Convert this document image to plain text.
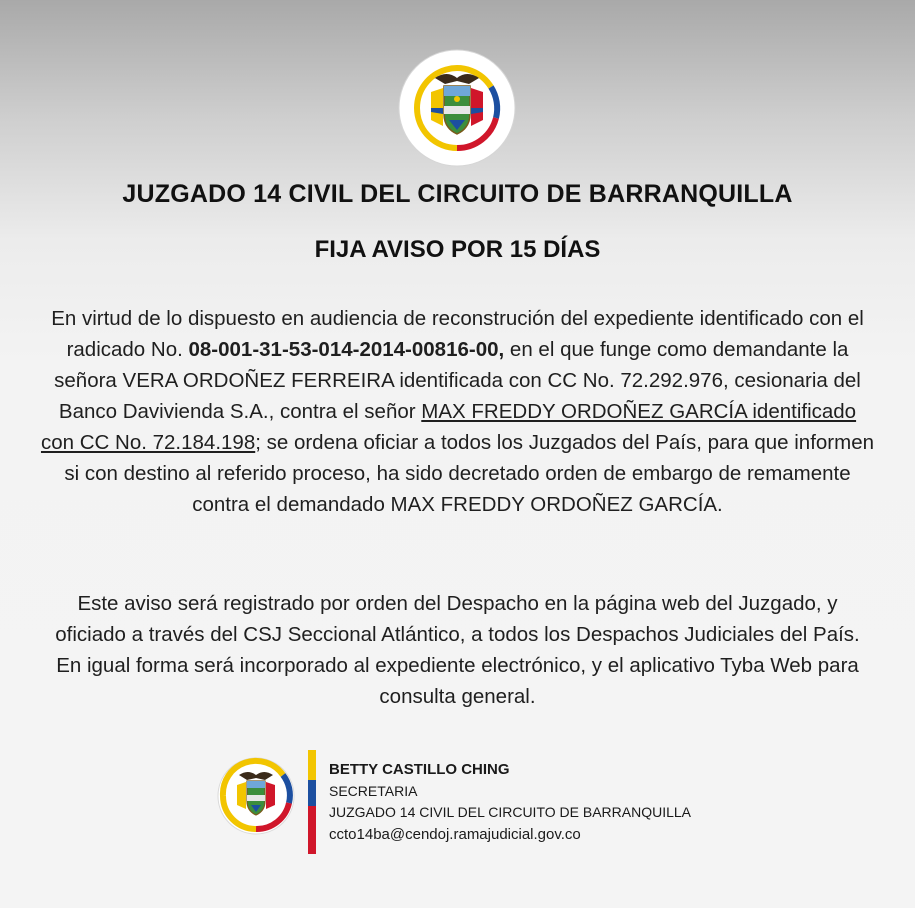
JUZGADO 14 CIVIL DEL CIRCUITO DE BARRANQUILLA
FIJA AVISO POR 15 DÍAS
En virtud de lo dispuesto en audiencia de reconstrución del expediente identificado con el radicado No. 08-001-31-53-014-2014-00816-00, en el que funge como demandante la señora VERA ORDOÑEZ FERREIRA identificada con CC No. 72.292.976, cesionaria del Banco Davivienda S.A., contra el señor MAX FREDDY ORDOÑEZ GARCÍA identificado con CC No. 72.184.198; se ordena oficiar a todos los Juzgados del País, para que informen si con destino al referido proceso, ha sido decretado orden de embargo de remamente contra el demandado MAX FREDDY ORDOÑEZ GARCÍA.
Este aviso será registrado por orden del Despacho en la página web del Juzgado, y oficiado a través del CSJ Seccional Atlántico, a todos los Despachos Judiciales del País. En igual forma será incorporado al expediente electrónico, y el aplicativo Tyba Web para consulta general.
BETTY CASTILLO CHING
SECRETARIA
JUZGADO 14 CIVIL DEL CIRCUITO DE BARRANQUILLA
ccto14ba@cendoj.ramajudicial.gov.co
